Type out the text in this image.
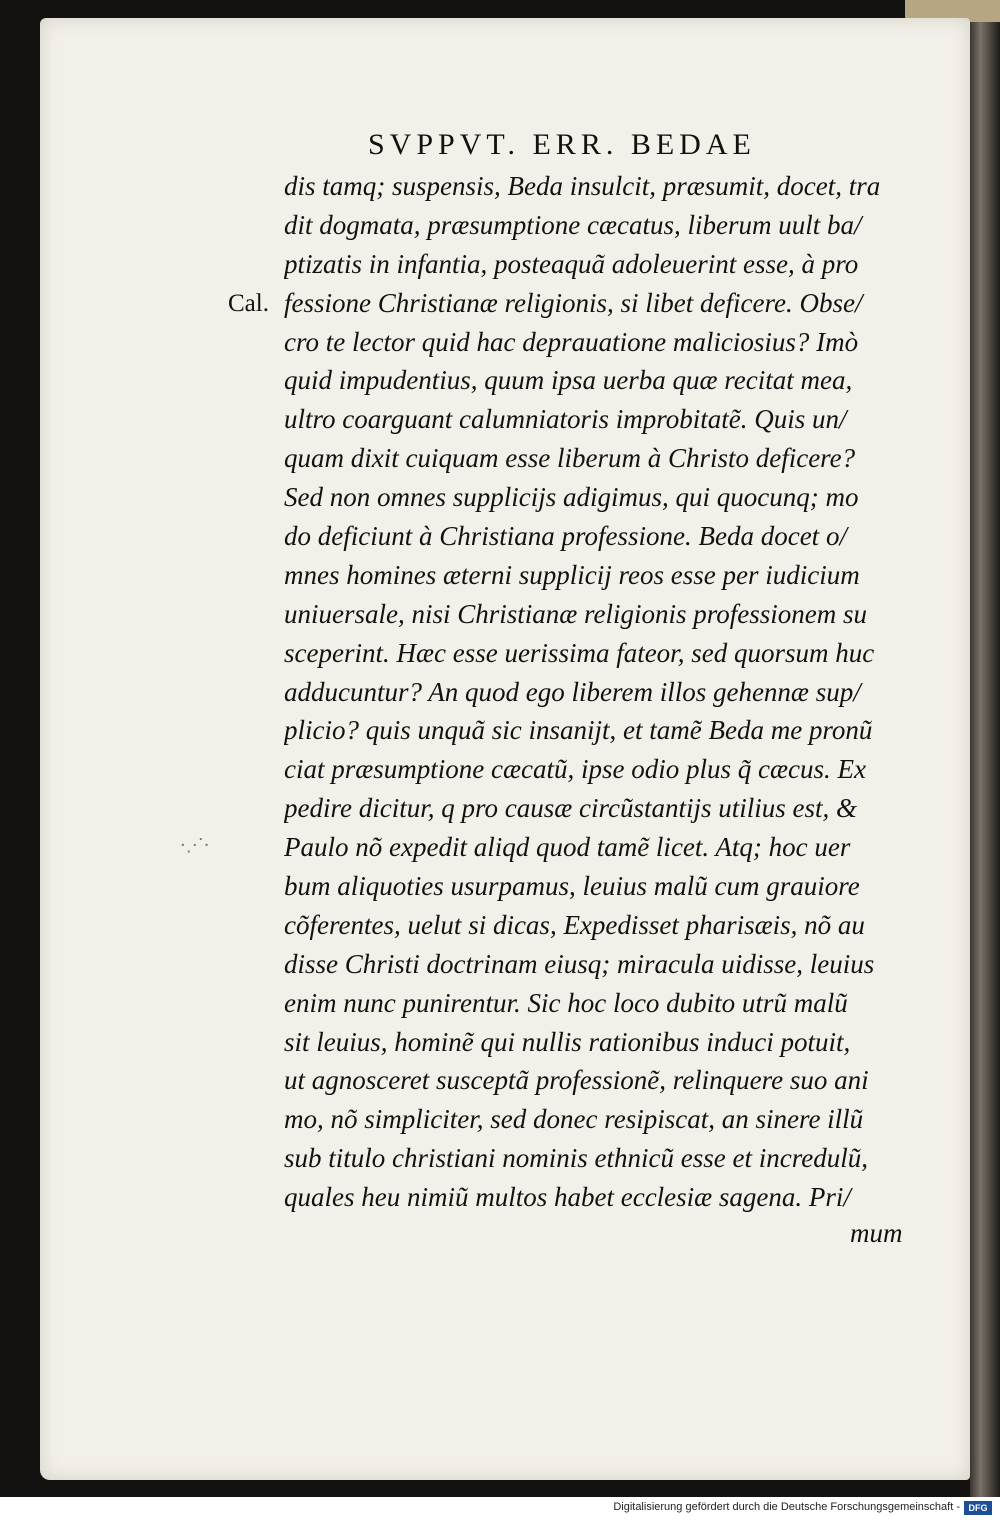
SVPPVT. ERR. BEDAE
Cal.
·⋰·
dis tamq; suspensis, Beda insulcit, præsumit, docet, tra
dit dogmata, præsumptione cæcatus, liberum uult ba/
ptizatis in infantia, posteaquã adoleuerint esse, à pro
fessione Christianæ religionis, si libet deficere. Obse/
cro te lector quid hac deprauatione maliciosius? Imò
quid impudentius, quum ipsa uerba quæ recitat mea,
ultro coarguant calumniatoris improbitatẽ. Quis un/
quam dixit cuiquam esse liberum à Christo deficere?
Sed non omnes supplicijs adigimus, qui quocunq; mo
do deficiunt à Christiana professione. Beda docet o/
mnes homines æterni supplicij reos esse per iudicium
uniuersale, nisi Christianæ religionis professionem su
sceperint. Hæc esse uerissima fateor, sed quorsum huc
adducuntur? An quod ego liberem illos gehennæ sup/
plicio? quis unquã sic insanijt, et tamẽ Beda me pronũ
ciat præsumptione cæcatũ, ipse odio plus q̃ cæcus. Ex
pedire dicitur, q pro causæ circũstantijs utilius est, &
Paulo nõ expedit aliqd quod tamẽ licet. Atq; hoc uer
bum aliquoties usurpamus, leuius malũ cum grauiore
cõferentes, uelut si dicas, Expedisset pharisæis, nõ au
disse Christi doctrinam eiusq; miracula uidisse, leuius
enim nunc punirentur. Sic hoc loco dubito utrũ malũ
sit leuius, hominẽ qui nullis rationibus induci potuit,
ut agnosceret susceptã professionẽ, relinquere suo ani
mo, nõ simpliciter, sed donec resipiscat, an sinere illũ
sub titulo christiani nominis ethnicũ esse et incredulũ,
quales heu nimiũ multos habet ecclesiæ sagena. Pri/
mum
Digitalisierung gefördert durch die Deutsche Forschungsgemeinschaft - DFG
